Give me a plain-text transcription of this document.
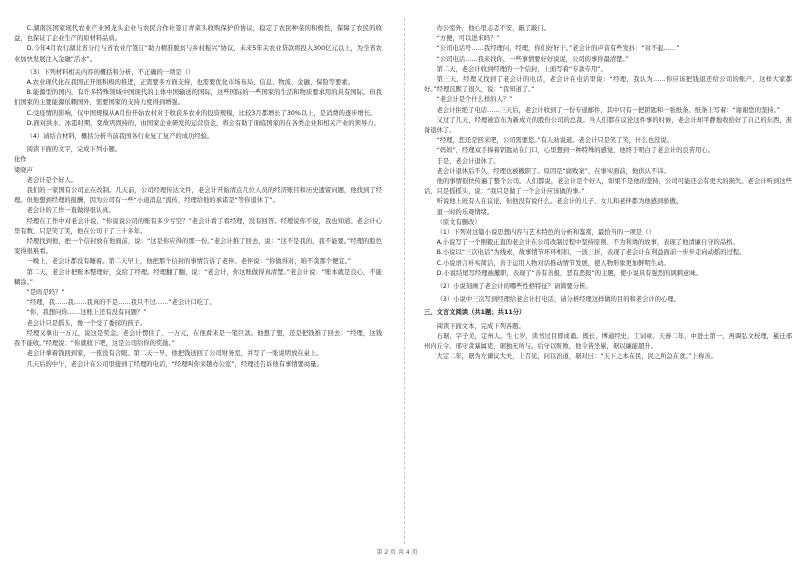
C.湖南区国家现代农业产业园龙头企业与农民合作社签订青菜头收购保护价协议，稳定了农民种菜的积极性，保障了农民的收益，也保证了企业生产的原材料品质。

D.今年4月农行湖北省分行与省农业厅签订“助力精准脱贫与乡村振兴”协议，未来5年关农业贷款将投入300亿元以上，为全省农业加快发展注入金融“活水”。

（3）下列材料相关内容的概括和分析，不正确的一项是（）

A.农业现代化在我国正开展积极的推进，正需要多方面支持，也需要优化市场布局、信息、物流、金融、保险等要素。

B.能源型的国内，有许多特殊领域中国现代的主体中国输送的国际，这些国际的一些国家的生活和物质要求用的具有国际，但我们国家的主要能源依赖国外，需要国家的支持力度得到增强。

C.受疫情的影响，仅中国规模从A月份开始农村对于收获多农业的投资规模，比较3月都增长了30%以上，是消费的逐步增长。

D.面对洪水、冰雹时期，变故巩固持的，由国家企业研发的运营资金，将会有助于面临国家的在各类企业和相关产业的领导力。

（4）请结合材料，概括分析当前我国各行业复工复产的成功经验。

阅读下面的文字，完成下列小题。

化作

梁晓声

老会计是个好人。

我们的一家国有公司正在改制。几天前，公司经理传达文件，老会计开始清点几位人员的经济账目和历史遗留问题，他找到了经理。但他想到经理的报酬，因为公司有一些“小道消息”流传，经理给他的承诺是“等你退休了”。

老会计的工作一直做得很认真。

经理在工作中对老会计说，“你说说公司的账有多少亏空？”老会计看了看经理，没有回答。经理说你不说，我也知道。老会计心里有数，只是笑了笑，他在公司干了三十多年。

经理找到他，把一个信封放在他面前，说：“这是你应得的那一份。”老会计推了回去，说：“这不是我的，我不能要。”经理的脸色变得很难看。

一晚上，老会计都没有睡着。第二天早上，他把那个信封的事情告诉了老伴。老伴说：“你做得对，咱不贪那个便宜。”

第二天，老会计把账本整理好，交给了经理。经理翻了翻，说：“老会计，你这账做得真清楚。”老会计说：“账本就是良心，不能糊涂。”

“是吗是吗？”

“经理，我……我……我真的不是……我只不过……”老会计口吃了。

“你，我想问你……这账上还有没有问题？”

老会计只是摇头，像一个受了委屈的孩子。

经理又拿出一万元，说这是奖金。老会计愣住了，一万元，在他看来是一笔巨款。他想了想，还是把钱推了回去：“经理，这钱我不能收。”经理说：“你就收下吧，这是公司给你的奖励。”

老会计拿着钱回到家，一夜没有合眼。第二天一早，他把钱送回了公司财务室，并写了一张说明放在桌上。

几天后的中午，老会计在公司里接到了经理的电话，“经理叫你来趟办公室”，经理还告诉他有事情要商量。

办公室外，他心里忐忑不安，敲了敲门。

“方便，可以进来吗？”

“公司电话号……我经理问，经理，你们好好干。”老会计的声音有些发抖：“对不起……”

“公司电话……我来找你，一些事情要好好说说，公司的事你最清楚。”

第二天，老会计收到经理的一个信封，上面写着“专款专用”。

第三天，经理又找到了老会计的电话，老会计在电话里说：“经理，我认为……你应该把钱退还给公司的账户，这样大家都好。”经理沉默了很久，说：“我知道了。”

“老会计是个什么样的人？”

老会计拒绝了电话……三天后，老会计收到了一份专递邮件，其中只有一把钥匙和一张纸条。纸条上写着：“谢谢您的坚持。”

又过了几天，经理被宣布为新成立的股份公司的总裁。当人们都在议论这件事的时候，老会计却平静地收拾好了自己的东西，准备退休了。

“经理，您还是回来吧，公司需要您。”有人劝说道。老会计只是笑了笑，什么也没说。

“妈妈”，经理双手捧着钥匙站在门口，心里想到一种特殊的感觉，他终于明白了老会计的良苦用心。

于是，老会计退休了。

老会计退休后不久，经理也被撤职了。原因是“腐败案”，在事实面前，他供认不讳。

他的事情很快传遍了整个公司。人们都说，老会计是个好人，如果不是他的坚持，公司可能还会有更大的损失。老会计听到这些话，只是摇摇头，说：“我只是做了一个会计应该做的事。”

听说他上班有人在议论，但他没有说什么。老会计的儿子、女儿和老伴都为他感到骄傲。

退一时的乐观情绪。

（原文有删改）

（1）下列对这篇小说思想内容与艺术特色的分析和鉴赏，最恰当的一项是（）

A.小说写了一个刚毅正直的老会计在公司改制过程中坚持原则、不为利诱的故事，表现了他清廉自守的品格。

B.小说以“三次电话”为线索，故事情节环环相扣，一波三折，表现了老会计在利益面前一步步走向动摇的过程。

C.小说语言朴实简洁，善于运用人物对话推动情节发展，使人物形象更加鲜明生动。

D.小说结尾写经理被撤职，表现了“善有善报，恶有恶报”的主题，使小说具有强烈的讽刺意味。

（2）小说刻画了老会计的哪些性格特征？请简要分析。

（3）小说中三次写到经理给老会计打电话，请分析经理这样做的目的和老会计的心理。

三、文言文阅读（共1题；共11分）

阅读下面文本，完成下列各题。

石琚，字子美，定州人。生七岁，读书过目即成诵。既长，博通经史，工词章。天眷二年，中进士第一，再调弘文校理，累迁邢州内丘令。邢守贪暴属吏，琚独无所与。后守以赃败，他令皆坐累，琚以廉能超升。

大定二年，琚为左谏议大夫，上召见，问以治道，琚对曰：“天下之本在民，民之所急在食。”上称善。

第 2 页 共 4 页
